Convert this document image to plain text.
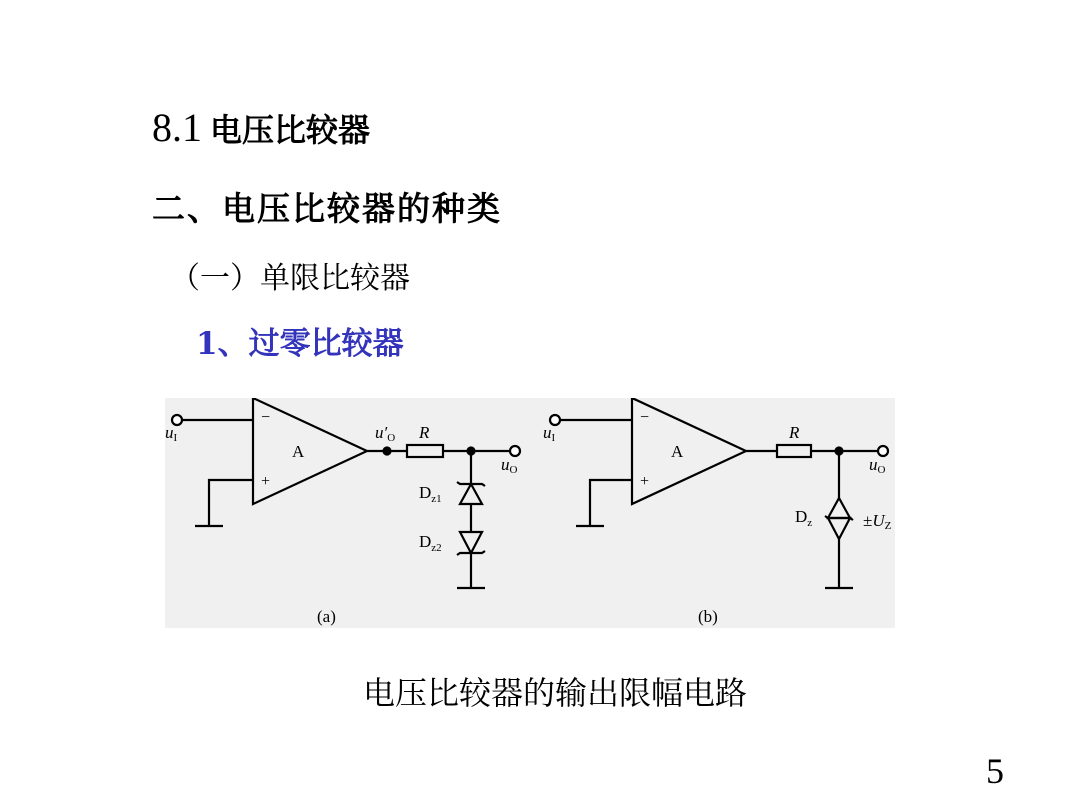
8.1 电压比较器
二、电压比较器的种类
（一）单限比较器
1、过零比较器
uI
−
+
A
u′O R
uO
$D_{z1}$
$D_{z2}$
(a)
uI
−
+
A
R
uO
$D_z$	±UZ
(b)
电压比较器的输出限幅电路
5
